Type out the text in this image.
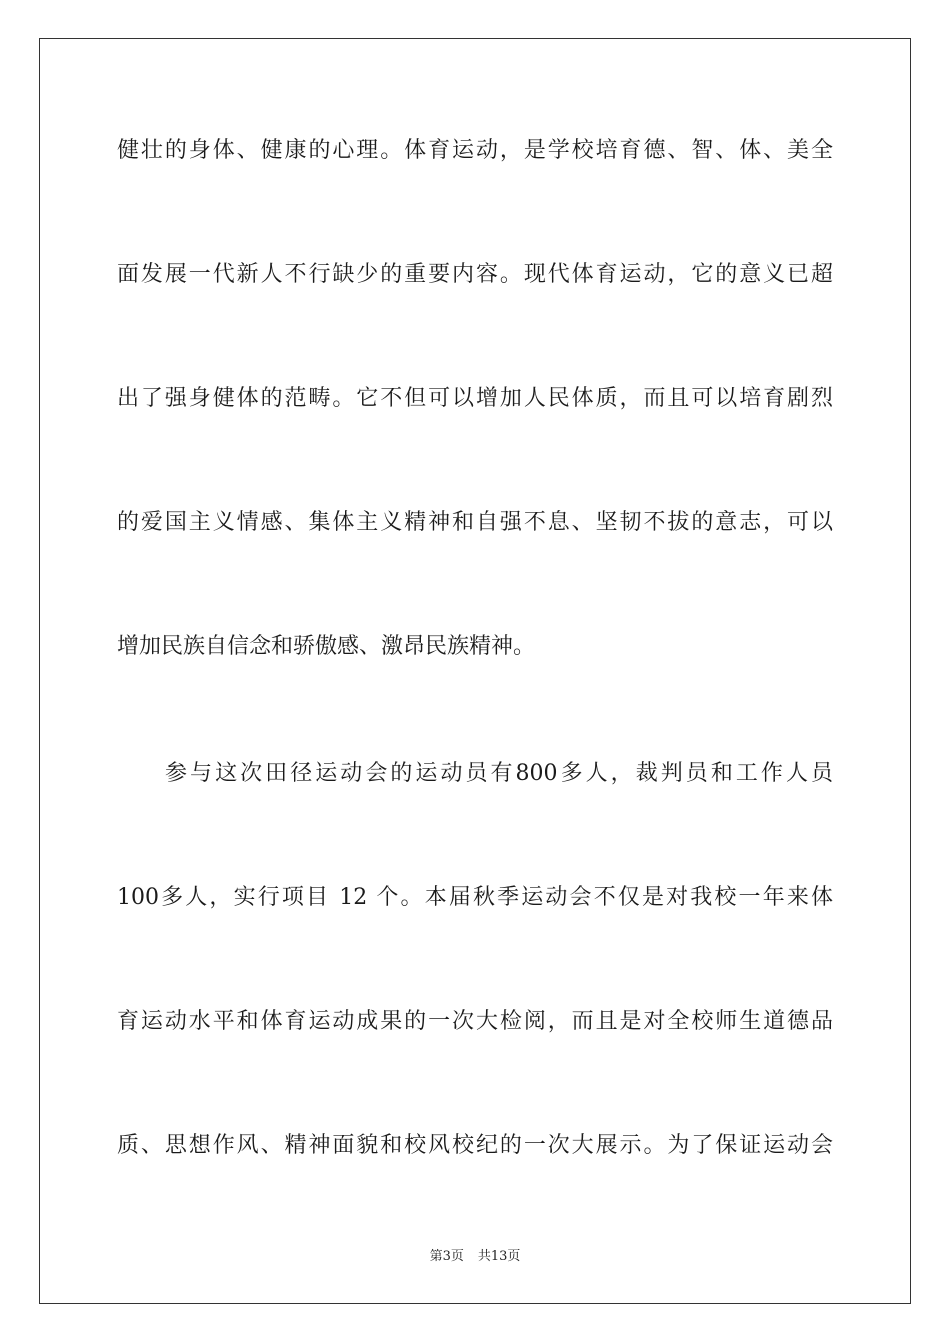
健壮的身体、健康的心理。体育运动，是学校培育德、智、体、美全
面发展一代新人不行缺少的重要内容。现代体育运动，它的意义已超
出了强身健体的范畴。它不但可以增加人民体质，而且可以培育剧烈
的爱国主义情感、集体主义精神和自强不息、坚韧不拔的意志，可以
增加民族自信念和骄傲感、激昂民族精神。
参与这次田径运动会的运动员有800多人，裁判员和工作人员
100多人，实行项目 12 个。本届秋季运动会不仅是对我校一年来体
育运动水平和体育运动成果的一次大检阅，而且是对全校师生道德品
质、思想作风、精神面貌和校风校纪的一次大展示。为了保证运动会
第3页 共13页
